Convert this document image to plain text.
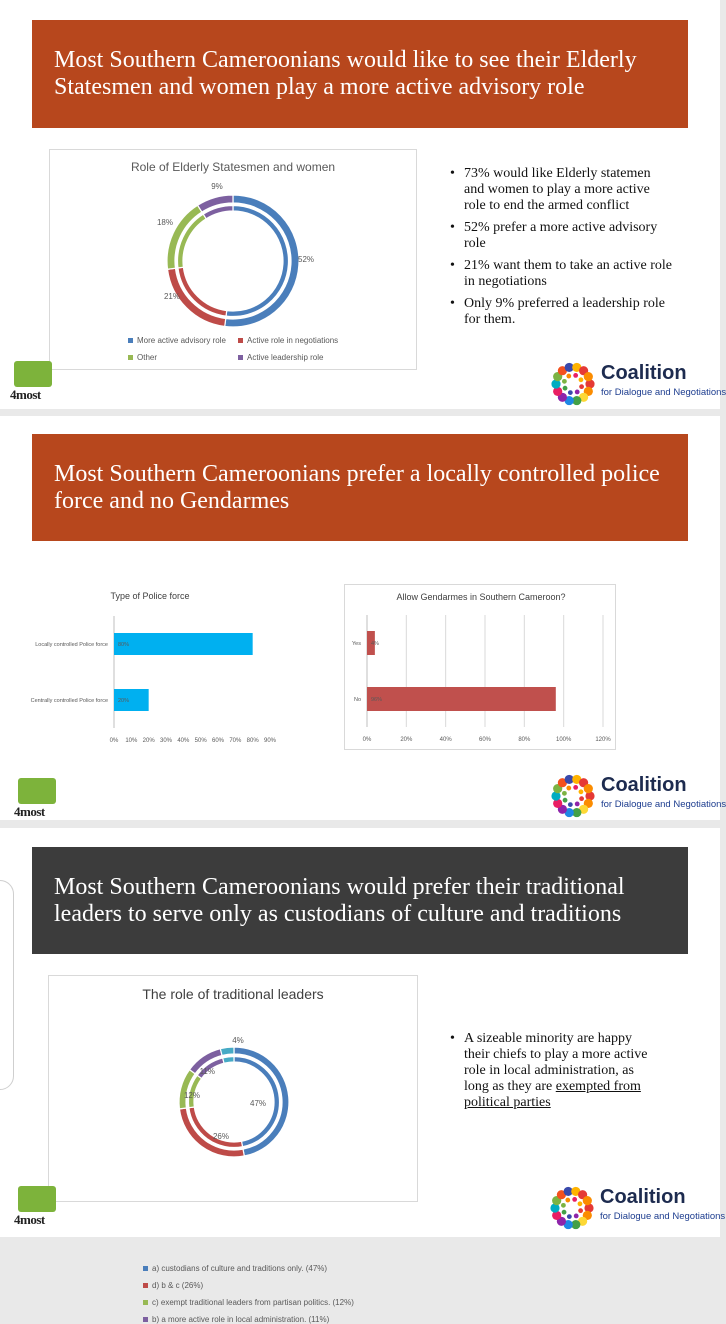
Most Southern Cameroonians would like to see their Elderly Statesmen and women play a more active advisory role
Role of Elderly Statesmen and women
52%
21%
18%
9%
More active advisory role	Active role in negotiations
Other	Active leadership role
• 73% would like Elderly statemen and women to play a more active role to end the armed conflict
• 52% prefer a more active advisory role
• 21% want them to take an active role in negotiations
• Only 9% preferred a leadership role for them.
4most
Coalition
for Dialogue and Negotiations
Most Southern Cameroonians prefer a locally controlled police force and no Gendarmes
Type of Police force
0% 10% 20% 30% 40% 50% 60% 70% 80% 90%
Locally controlled Police force 80%
Centrally controlled Police force 20%
Allow Gendarmes in Southern Cameroon?
0%	20%	40%	60%	80%	100%	120%
Yes 4%
No 96%
4most
Coalition
for Dialogue and Negotiations
Most Southern Cameroonians would prefer their traditional leaders to serve only as custodians of culture and traditions
The role of traditional leaders
47%
26%
12%
11%
4%
a) custodians of culture and traditions only. (47%)
d) b & c (26%)
c) exempt traditional leaders from partisan politics. (12%)
b) a more active role in local administration. (11%)
• A sizeable minority are happy their chiefs to play a more active role in local administration, as long as they are exempted from political parties
4most
Coalition
for Dialogue and Negotiations
